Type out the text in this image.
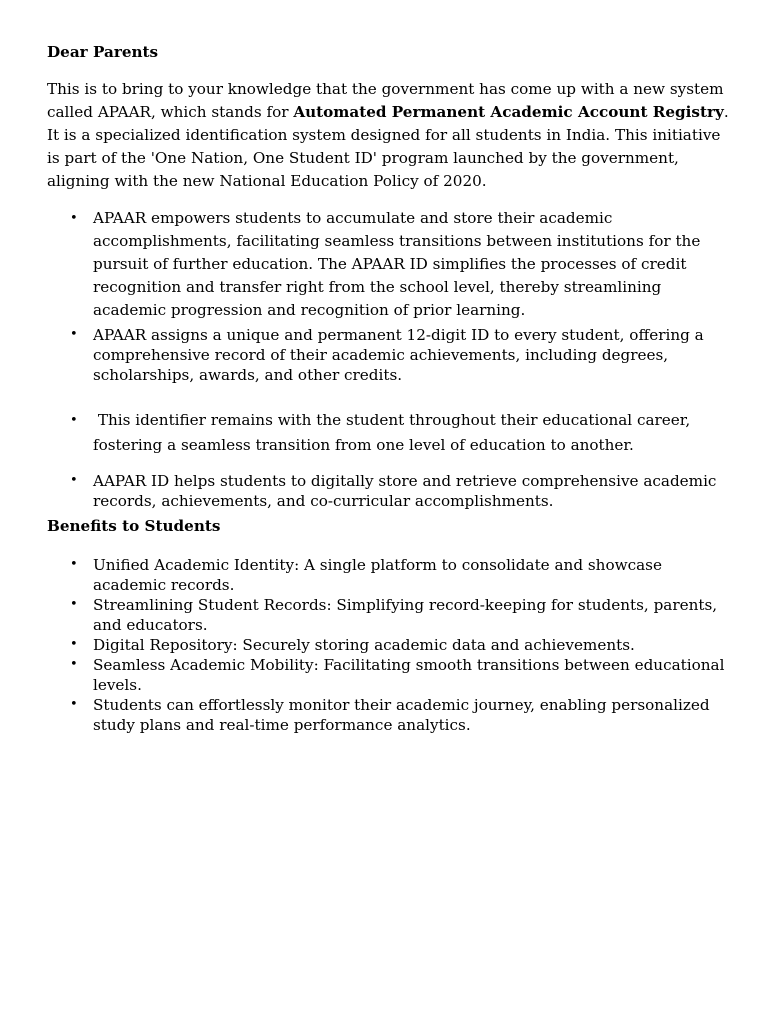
Dear Parents

This is to bring to your knowledge that the government has come up with a new system called APAAR, which stands for Automated Permanent Academic Account Registry. It is a specialized identification system designed for all students in India. This initiative is part of the 'One Nation, One Student ID' program launched by the government, aligning with the new National Education Policy of 2020.

• APAAR empowers students to accumulate and store their academic accomplishments, facilitating seamless transitions between institutions for the pursuit of further education. The APAAR ID simplifies the processes of credit recognition and transfer right from the school level, thereby streamlining academic progression and recognition of prior learning.
• APAAR assigns a unique and permanent 12-digit ID to every student, offering a comprehensive record of their academic achievements, including degrees, scholarships, awards, and other credits.
• This identifier remains with the student throughout their educational career, fostering a seamless transition from one level of education to another.
• AAPAR ID helps students to digitally store and retrieve comprehensive academic records, achievements, and co-curricular accomplishments.
Benefits to Students
• Unified Academic Identity: A single platform to consolidate and showcase academic records.
• Streamlining Student Records: Simplifying record-keeping for students, parents, and educators.
• Digital Repository: Securely storing academic data and achievements.
• Seamless Academic Mobility: Facilitating smooth transitions between educational levels.
• Students can effortlessly monitor their academic journey, enabling personalized study plans and real-time performance analytics.
